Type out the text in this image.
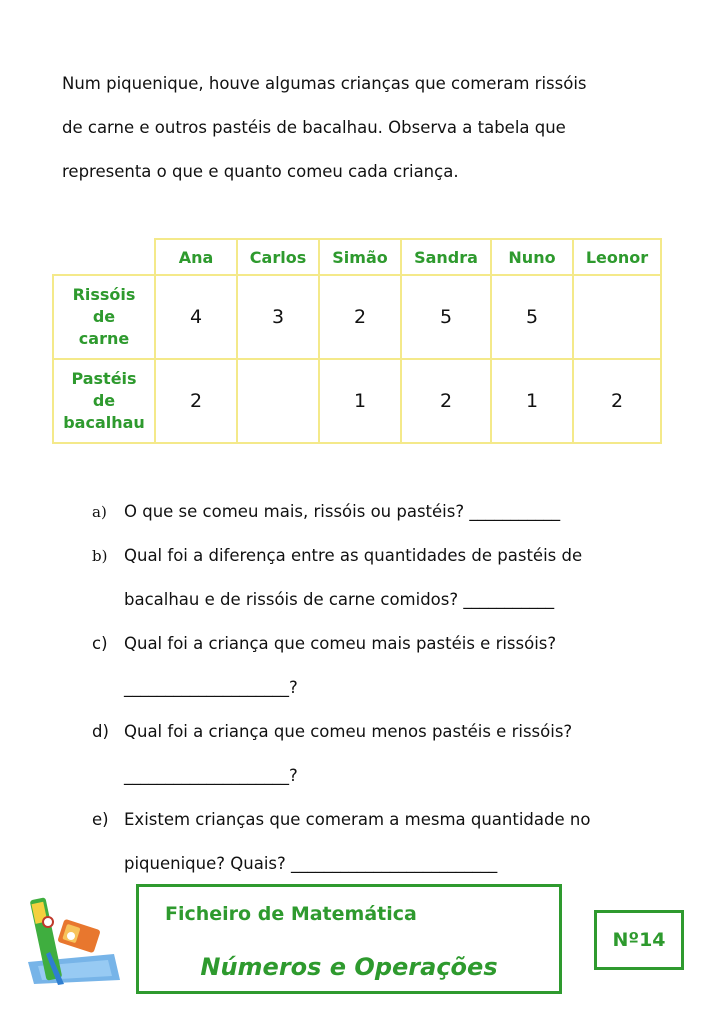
Num piquenique, houve algumas crianças que comeram rissóis

de carne e outros pastéis de bacalhau. Observa a tabela que

representa o que e quanto comeu cada criança.

	Ana	Carlos	Simão	Sandra	Nuno	Leonor

Rissóis
de
carne	4	3	2	5	5	

Pastéis
de
bacalhau	2		1	2	1	2
a)	O que se comeu mais, rissóis ou pastéis? ___________
b)	Qual foi a diferença entre as quantidades de pastéis de
bacalhau e de rissóis de carne comidos? ___________
c) Qual foi a criança que comeu mais pastéis e rissóis?
____________________?
d) Qual foi a criança que comeu menos pastéis e rissóis?
____________________?
e) Existem crianças que comeram a mesma quantidade no
piquenique? Quais? _________________________
Ficheiro de Matemática
Números e Operações
Nº14
